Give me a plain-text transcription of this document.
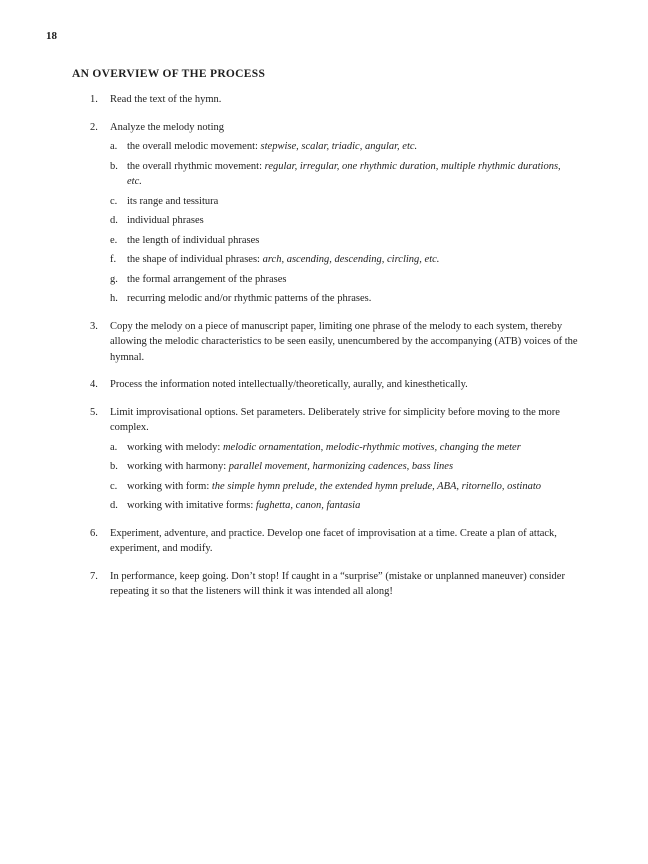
18
AN OVERVIEW OF THE PROCESS
1.	Read the text of the hymn.
2.	Analyze the melody noting
a. the overall melodic movement: stepwise, scalar, triadic, angular, etc.
b. the overall rhythmic movement: regular, irregular, one rhythmic duration, multiple rhythmic durations, etc.
c. its range and tessitura
d. individual phrases
e. the length of individual phrases
f.	the shape of individual phrases: arch, ascending, descending, circling, etc.
g. the formal arrangement of the phrases
h. recurring melodic and/or rhythmic patterns of the phrases.
3.	Copy the melody on a piece of manuscript paper, limiting one phrase of the melody to each system, thereby allowing the melodic characteristics to be seen easily, unencumbered by the accompanying (ATB) voices of the hymnal.
4.	Process the information noted intellectually/theoretically, aurally, and kinesthetically.
5.	Limit improvisational options. Set parameters. Deliberately strive for simplicity before moving to the more complex.
a. working with melody: melodic ornamentation, melodic-rhythmic motives, changing the meter
b. working with harmony: parallel movement, harmonizing cadences, bass lines
c. working with form: the simple hymn prelude, the extended hymn prelude, ABA, ritornello, ostinato
d. working with imitative forms: fughetta, canon, fantasia
6.	Experiment, adventure, and practice. Develop one facet of improvisation at a time. Create a plan of attack, experiment, and modify.
7.	In performance, keep going. Don’t stop! If caught in a “surprise” (mistake or unplanned maneuver) consider repeating it so that the listeners will think it was intended all along!
